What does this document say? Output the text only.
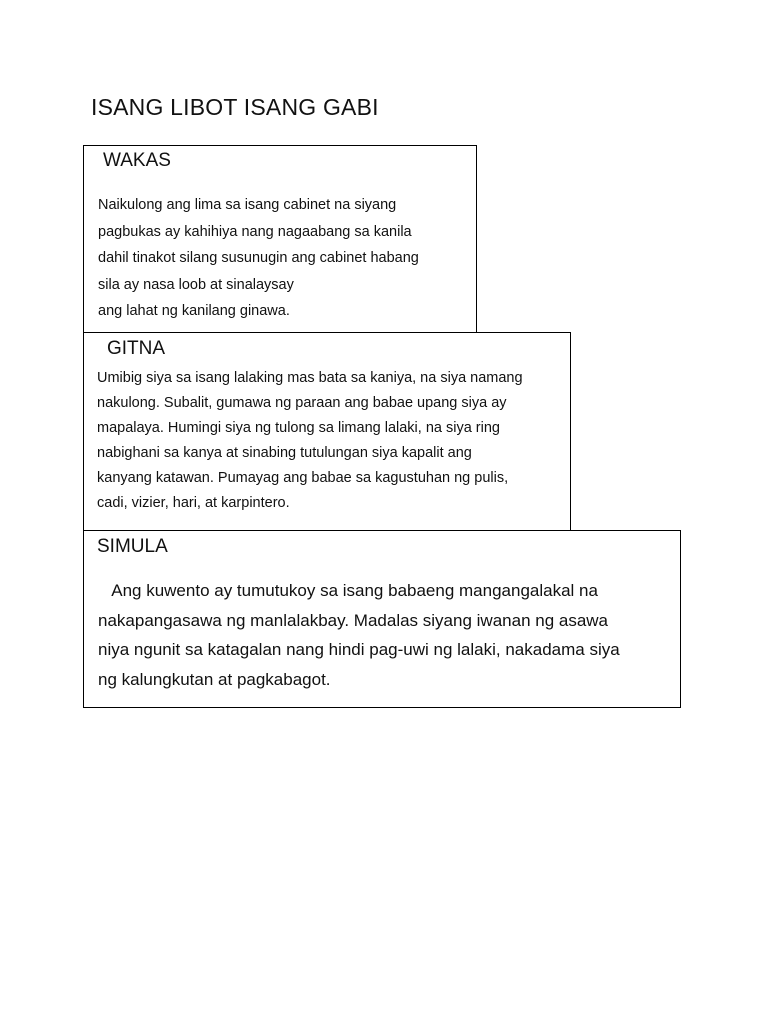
ISANG LIBOT ISANG GABI
WAKAS
Naikulong ang lima sa isang cabinet na siyang
pagbukas ay kahihiya nang nagaabang sa kanila
dahil tinakot silang susunugin ang cabinet habang
sila ay nasa loob at sinalaysay
ang lahat ng kanilang ginawa.
GITNA
Umibig siya sa isang lalaking mas bata sa kaniya, na siya namang
nakulong. Subalit, gumawa ng paraan ang babae upang siya ay
mapalaya. Humingi siya ng tulong sa limang lalaki, na siya ring
nabighani sa kanya at sinabing tutulungan siya kapalit ang
kanyang katawan. Pumayag ang babae sa kagustuhan ng pulis,
cadi, vizier, hari, at karpintero.
SIMULA
Ang kuwento ay tumutukoy sa isang babaeng mangangalakal na
nakapangasawa ng manlalakbay. Madalas siyang iwanan ng asawa
niya ngunit sa katagalan nang hindi pag-uwi ng lalaki, nakadama siya
ng kalungkutan at pagkabagot.
